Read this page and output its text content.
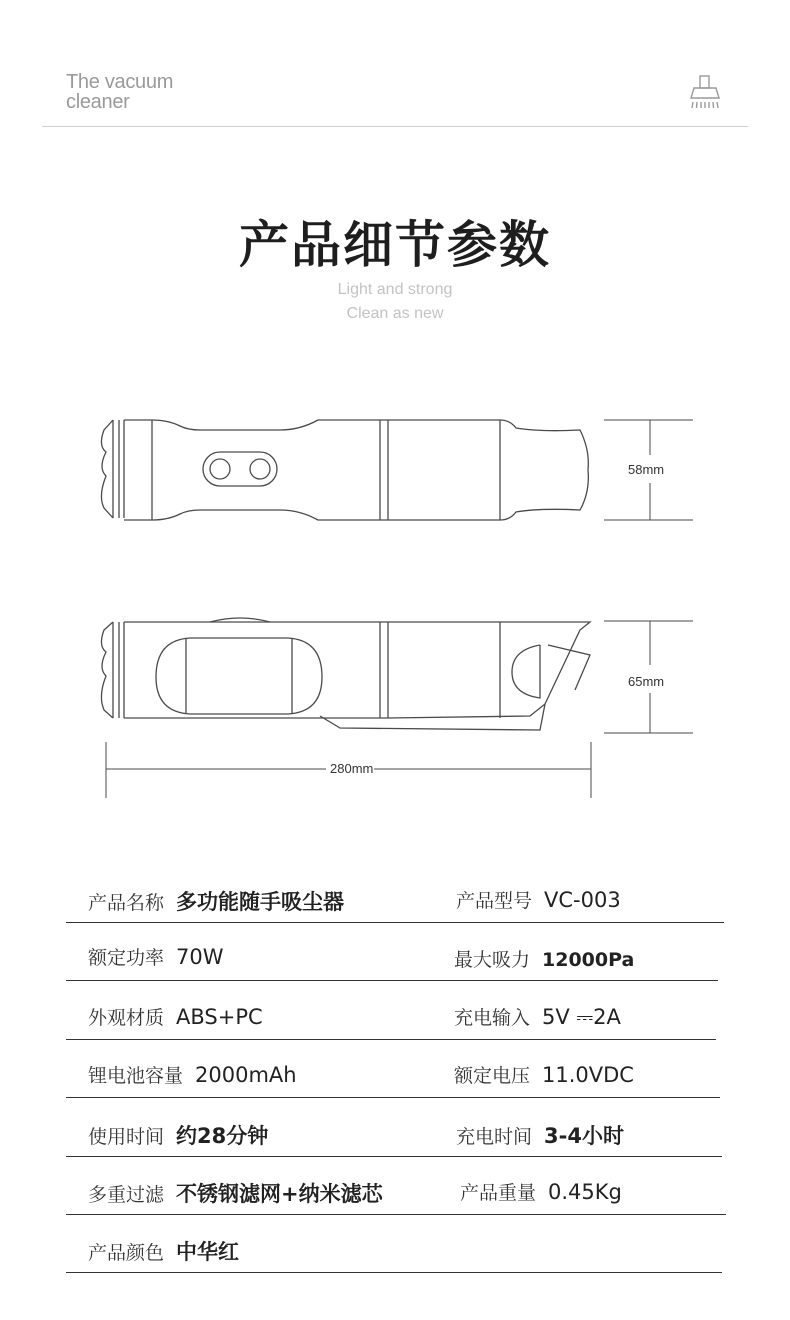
The vacuum
cleaner
产品细节参数
Light and strong
Clean as new
58mm
65mm
280mm
产品名称 多功能随手吸尘器	产品型号 VC-003
额定功率 70W	最大吸力 12000Pa
外观材质 ABS+PC	充电输入 5V ⎓2A
锂电池容量 2000mAh	额定电压 11.0VDC
使用时间 约28分钟	充电时间 3-4小时
多重过滤 不锈钢滤网+纳米滤芯	产品重量 0.45Kg
产品颜色 中华红
